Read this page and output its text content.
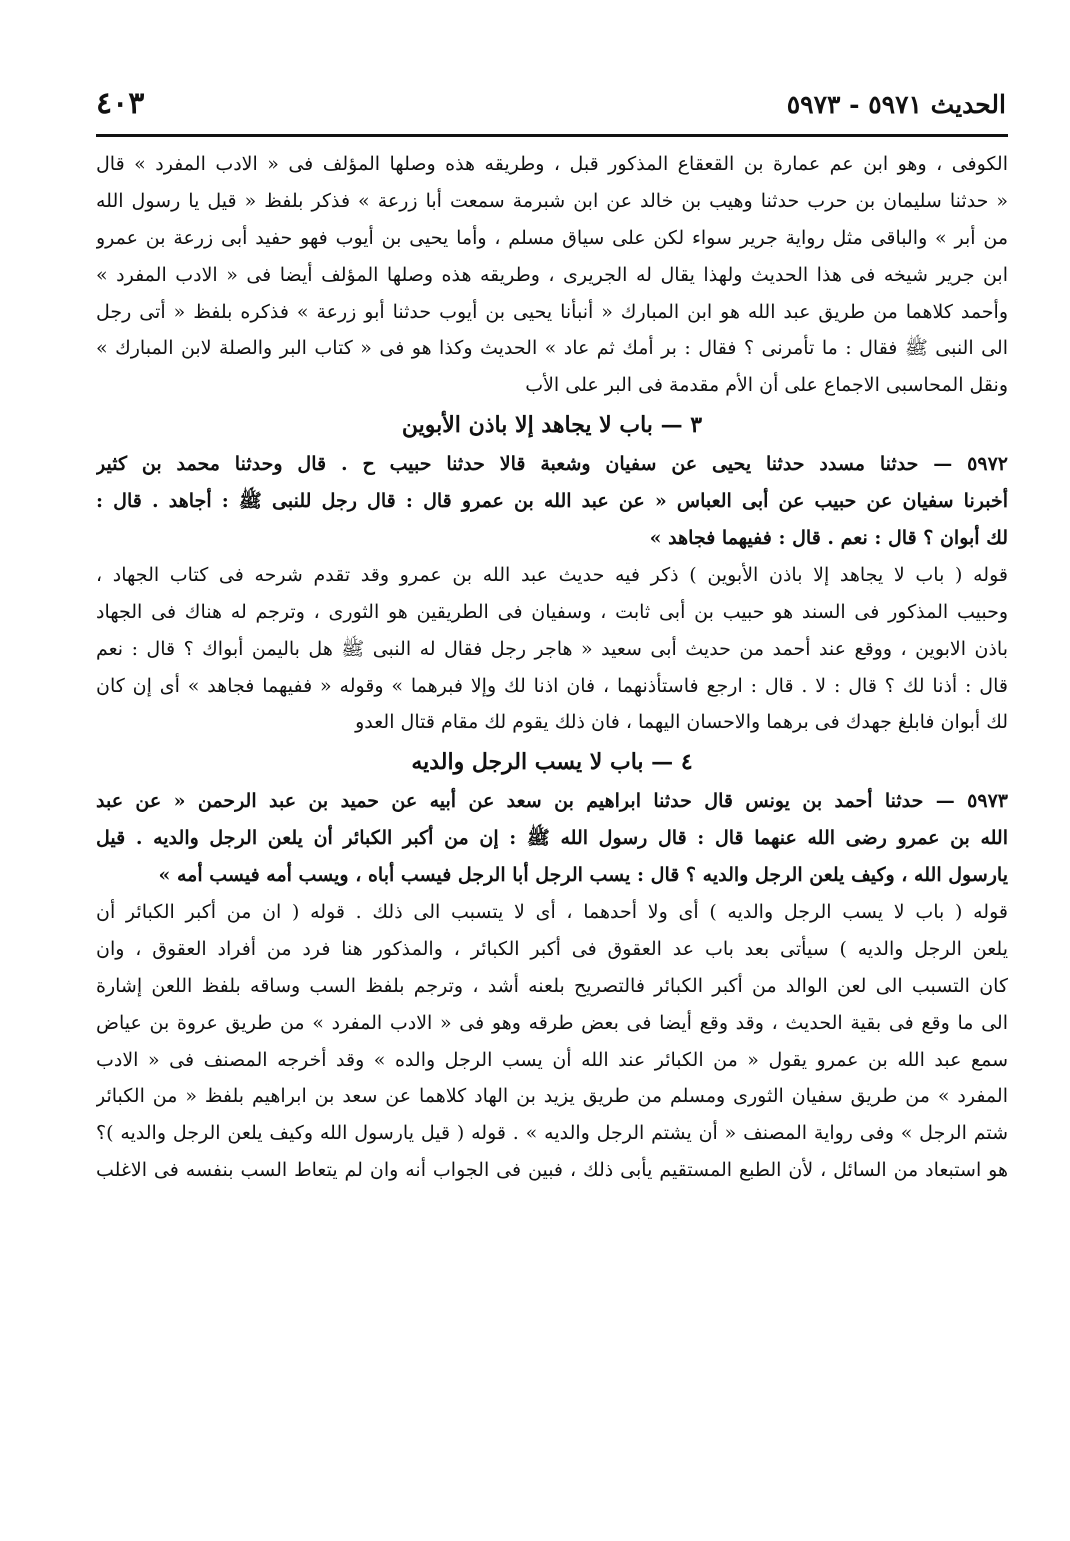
الحديث ٥٩٧١ - ٥٩٧٣
٤٠٣
الكوفى ، وهو ابن عم عمارة بن القعقاع المذكور قبل ، وطريقه هذه وصلها المؤلف فى « الادب المفرد » قال
« حدثنا سليمان بن حرب حدثنا وهيب بن خالد عن ابن شبرمة سمعت أبا زرعة » فذكر بلفظ « قيل يا رسول الله
من أبر » والباقى مثل رواية جرير سواء لكن على سياق مسلم ، وأما يحيى بن أيوب فهو حفيد أبى زرعة بن عمرو
ابن جرير شيخه فى هذا الحديث ولهذا يقال له الجريرى ، وطريقه هذه وصلها المؤلف أيضا فى « الادب المفرد »
وأحمد كلاهما من طريق عبد الله هو ابن المبارك « أنبأنا يحيى بن أيوب حدثنا أبو زرعة » فذكره بلفظ « أتى رجل
الى النبى ﷺ فقال : ما تأمرنى ؟ فقال : بر أمك ثم عاد » الحديث وكذا هو فى « كتاب البر والصلة لابن المبارك »
ونقل المحاسبى الاجماع على أن الأم مقدمة فى البر على الأب
٣ — باب لا يجاهد إلا باذن الأبوين
٥٩٧٢ — حدثنا مسدد حدثنا يحيى عن سفيان وشعبة قالا حدثنا حبيب ح . قال وحدثنا محمد بن كثير
أخبرنا سفيان عن حبيب عن أبى العباس « عن عبد الله بن عمرو قال : قال رجل للنبى ﷺ : أجاهد . قال :
لك أبوان ؟ قال : نعم . قال : ففيهما فجاهد »
قوله ( باب لا يجاهد إلا باذن الأبوين ) ذكر فيه حديث عبد الله بن عمرو وقد تقدم شرحه فى كتاب الجهاد ،
وحبيب المذكور فى السند هو حبيب بن أبى ثابت ، وسفيان فى الطريقين هو الثورى ، وترجم له هناك فى الجهاد
باذن الابوين ، ووقع عند أحمد من حديث أبى سعيد « هاجر رجل فقال له النبى ﷺ هل باليمن أبواك ؟ قال : نعم
قال : أذنا لك ؟ قال : لا . قال : ارجع فاستأذنهما ، فان اذنا لك وإلا فبرهما » وقوله « ففيهما فجاهد » أى إن كان
لك أبوان فابلغ جهدك فى برهما والاحسان اليهما ، فان ذلك يقوم لك مقام قتال العدو
٤ — باب لا يسب الرجل والديه
٥٩٧٣ — حدثنا أحمد بن يونس قال حدثنا ابراهيم بن سعد عن أبيه عن حميد بن عبد الرحمن « عن عبد
الله بن عمرو رضى الله عنهما قال : قال رسول الله ﷺ : إن من أكبر الكبائر أن يلعن الرجل والديه . قيل
يارسول الله ، وكيف يلعن الرجل والديه ؟ قال : يسب الرجل أبا الرجل فيسب أباه ، ويسب أمه فيسب أمه »
قوله ( باب لا يسب الرجل والديه ) أى ولا أحدهما ، أى لا يتسبب الى ذلك . قوله ( ان من أكبر الكبائر أن
يلعن الرجل والديه ) سيأتى بعد باب عد العقوق فى أكبر الكبائر ، والمذكور هنا فرد من أفراد العقوق ، وان
كان التسبب الى لعن الوالد من أكبر الكبائر فالتصريح بلعنه أشد ، وترجم بلفظ السب وساقه بلفظ اللعن إشارة
الى ما وقع فى بقية الحديث ، وقد وقع أيضا فى بعض طرقه وهو فى « الادب المفرد » من طريق عروة بن عياض
سمع عبد الله بن عمرو يقول « من الكبائر عند الله أن يسب الرجل والده » وقد أخرجه المصنف فى « الادب
المفرد » من طريق سفيان الثورى ومسلم من طريق يزيد بن الهاد كلاهما عن سعد بن ابراهيم بلفظ « من الكبائر
شتم الرجل » وفى رواية المصنف « أن يشتم الرجل والديه » . قوله ( قيل يارسول الله وكيف يلعن الرجل والديه )؟
هو استبعاد من السائل ، لأن الطبع المستقيم يأبى ذلك ، فبين فى الجواب أنه وان لم يتعاط السب بنفسه فى الاغلب
